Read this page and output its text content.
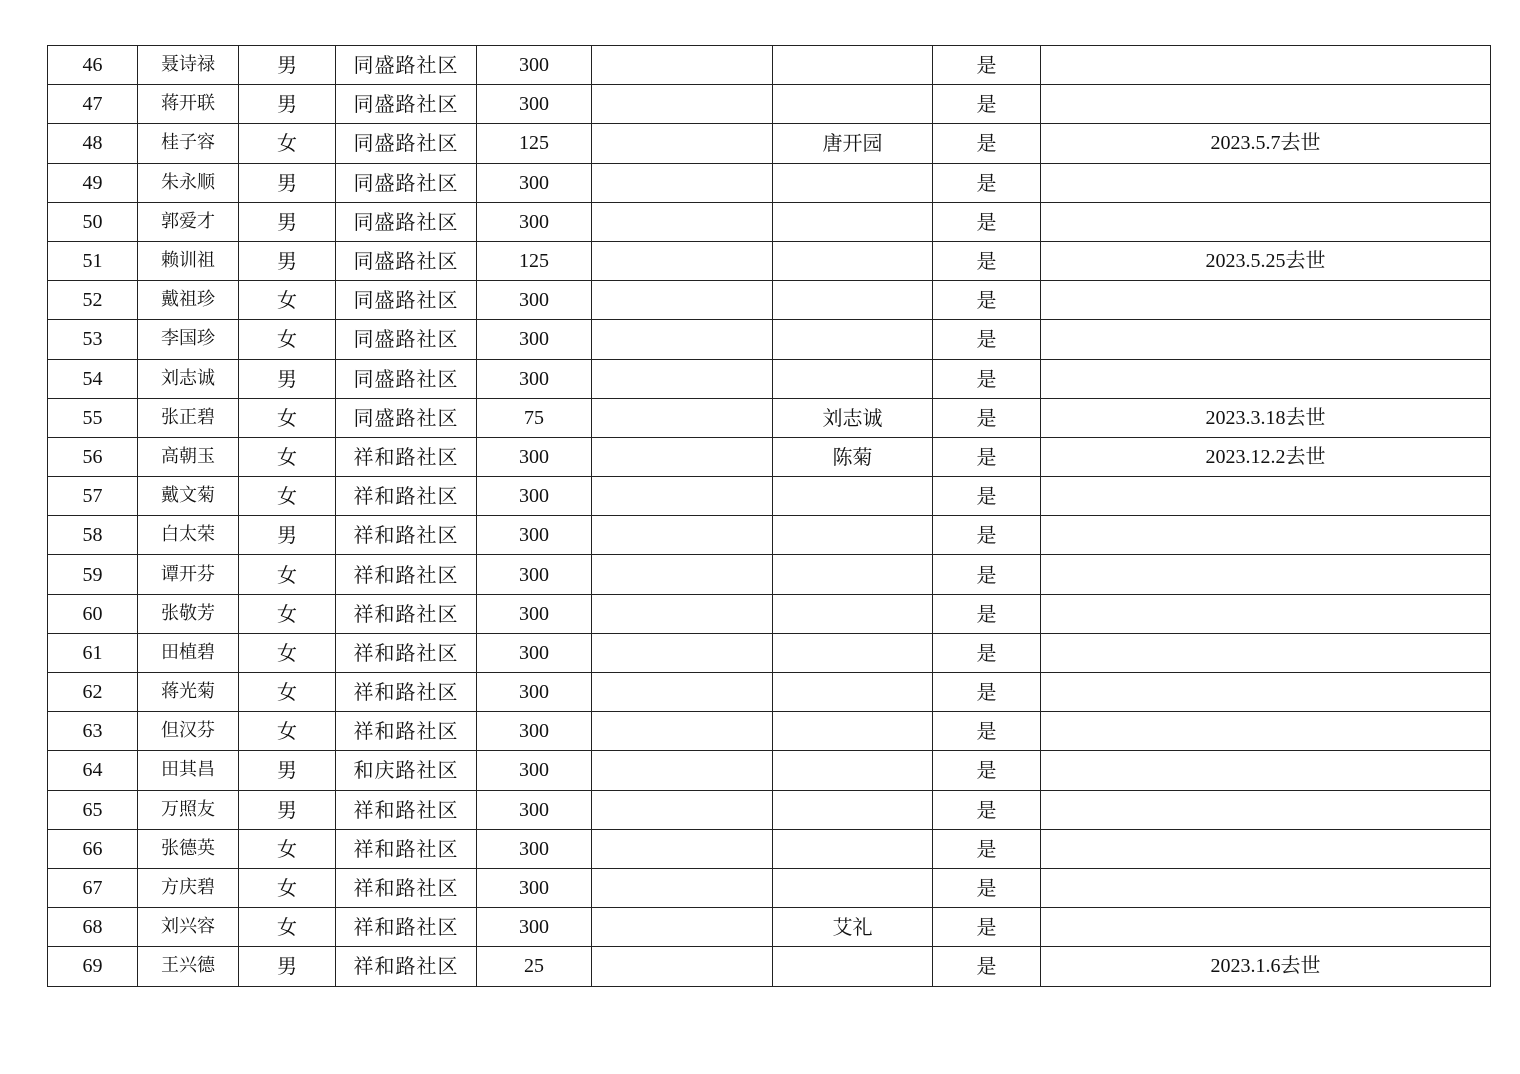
46	聂诗禄	男	同盛路社区	300			是	
47	蒋开联	男	同盛路社区	300			是	
48	桂子容	女	同盛路社区	125		唐开园	是	2023.5.7去世
49	朱永顺	男	同盛路社区	300			是	
50	郭爱才	男	同盛路社区	300			是	
51	赖训祖	男	同盛路社区	125			是	2023.5.25去世
52	戴祖珍	女	同盛路社区	300			是	
53	李国珍	女	同盛路社区	300			是	
54	刘志诚	男	同盛路社区	300			是	
55	张正碧	女	同盛路社区	75		刘志诚	是	2023.3.18去世
56	高朝玉	女	祥和路社区	300		陈菊	是	2023.12.2去世
57	戴文菊	女	祥和路社区	300			是	
58	白太荣	男	祥和路社区	300			是	
59	谭开芬	女	祥和路社区	300			是	
60	张敬芳	女	祥和路社区	300			是	
61	田植碧	女	祥和路社区	300			是	
62	蒋光菊	女	祥和路社区	300			是	
63	但汉芬	女	祥和路社区	300			是	
64	田其昌	男	和庆路社区	300			是	
65	万照友	男	祥和路社区	300			是	
66	张德英	女	祥和路社区	300			是	
67	方庆碧	女	祥和路社区	300			是	
68	刘兴容	女	祥和路社区	300		艾礼	是	
69	王兴德	男	祥和路社区	25			是	2023.1.6去世
